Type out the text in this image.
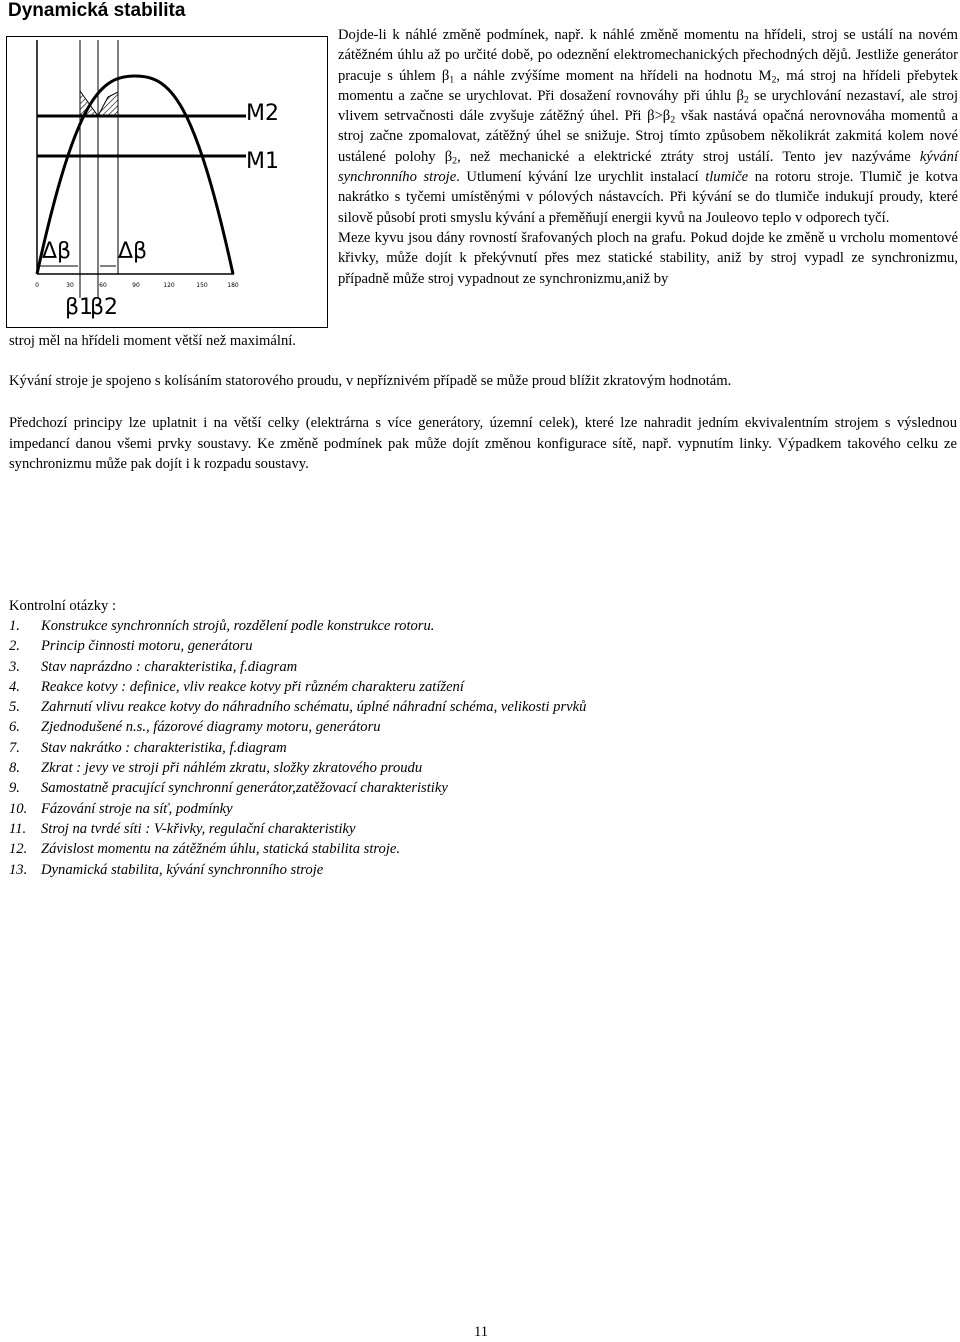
Dynamická stabilita
M2
M1
Δβ Δβ
β1
β2
0	30	60	90	120	150	180

Dojde-li k náhlé změně podmínek, např. k náhlé změně momentu na hřídeli, stroj se ustálí na novém zátěžném úhlu až po určité době, po odeznění elektromechanických přechodných dějů. Jestliže generátor pracuje s úhlem $\beta_1$ a náhle zvýšíme moment na hřídeli na hodnotu $M_2$, má stroj na hřídeli přebytek momentu a začne se urychlovat. Při dosažení rovnováhy při úhlu $\beta_2$ se urychlování nezastaví, ale stroj vlivem setrvačnosti dále zvyšuje zátěžný úhel. Při $\beta>\beta_2$ však nastává opačná nerovnováha momentů a stroj začne zpomalovat, zátěžný úhel se snižuje. Stroj tímto způsobem několikrát zakmitá kolem nové ustálené polohy $\beta_2$, než mechanické a elektrické ztráty stroj ustálí. Tento jev nazýváme kývání synchronního stroje. Utlumení kývání lze urychlit instalací tlumiče na rotoru stroje. Tlumič je kotva nakrátko s tyčemi umístěnými v pólových nástavcích. Při kývání se do tlumiče indukují proudy, které silově působí proti smyslu kývání a přeměňují energii kyvů na Jouleovo teplo v odporech tyčí.

Meze kyvu jsou dány rovností šrafovaných ploch na grafu. Pokud dojde ke změně u vrcholu momentové křivky, může dojít k překývnutí přes mez statické stability, aniž by stroj vypadl ze synchronizmu, případně může stroj vypadnout ze synchronizmu,aniž by

stroj měl na hřídeli moment větší než maximální.

Kývání stroje je spojeno s kolísáním statorového proudu, v nepříznivém případě se může proud blížit zkratovým hodnotám.

Předchozí principy lze uplatnit i na větší celky (elektrárna s více generátory, územní celek), které lze nahradit jedním ekvivalentním strojem s výslednou impedancí danou všemi prvky soustavy. Ke změně podmínek pak může dojít změnou konfigurace sítě, např. vypnutím linky. Výpadkem takového celku ze synchronizmu může pak dojít i k rozpadu soustavy.

Kontrolní otázky :

1. Konstrukce synchronních strojů, rozdělení podle konstrukce rotoru.
2. Princip činnosti motoru, generátoru
3. Stav naprázdno : charakteristika, f.diagram
4. Reakce kotvy : definice, vliv reakce kotvy při různém charakteru zatížení
5. Zahrnutí vlivu reakce kotvy do náhradního schématu, úplné náhradní schéma, velikosti prvků
6. Zjednodušené n.s., fázorové diagramy motoru, generátoru
7. Stav nakrátko : charakteristika, f.diagram
8. Zkrat : jevy ve stroji při náhlém zkratu, složky zkratového proudu
9. Samostatně pracující synchronní generátor,zatěžovací charakteristiky
10. Fázování stroje na síť, podmínky
11. Stroj na tvrdé síti : V-křivky, regulační charakteristiky
12. Závislost momentu na zátěžném úhlu, statická stabilita stroje.
13. Dynamická stabilita, kývání synchronního stroje
11
